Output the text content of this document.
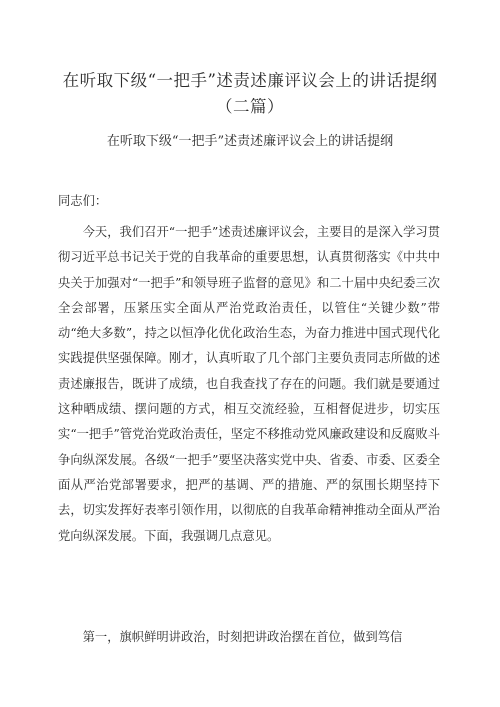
在听取下级“一把手”述责述廉评议会上的讲话提纲（二篇）
在听取下级“一把手”述责述廉评议会上的讲话提纲

同志们：

今天，我们召开“一把手”述责述廉评议会，主要目的是深入学习贯彻习近平总书记关于党的自我革命的重要思想，认真贯彻落实《中共中央关于加强对“一把手”和领导班子监督的意见》和二十届中央纪委三次全会部署，压紧压实全面从严治党政治责任，以管住“关键少数”带动“绝大多数”，持之以恒净化优化政治生态，为奋力推进中国式现代化实践提供坚强保障。刚才，认真听取了几个部门主要负责同志所做的述责述廉报告，既讲了成绩，也自我查找了存在的问题。我们就是要通过这种晒成绩、摆问题的方式，相互交流经验，互相督促进步，切实压实“一把手”管党治党政治责任，坚定不移推动党风廉政建设和反腐败斗争向纵深发展。各级“一把手”要坚决落实党中央、省委、市委、区委全面从严治党部署要求，把严的基调、严的措施、严的氛围长期坚持下去，切实发挥好表率引领作用，以彻底的自我革命精神推动全面从严治党向纵深发展。下面，我强调几点意见。

第一，旗帜鲜明讲政治，时刻把讲政治摆在首位，做到笃信
